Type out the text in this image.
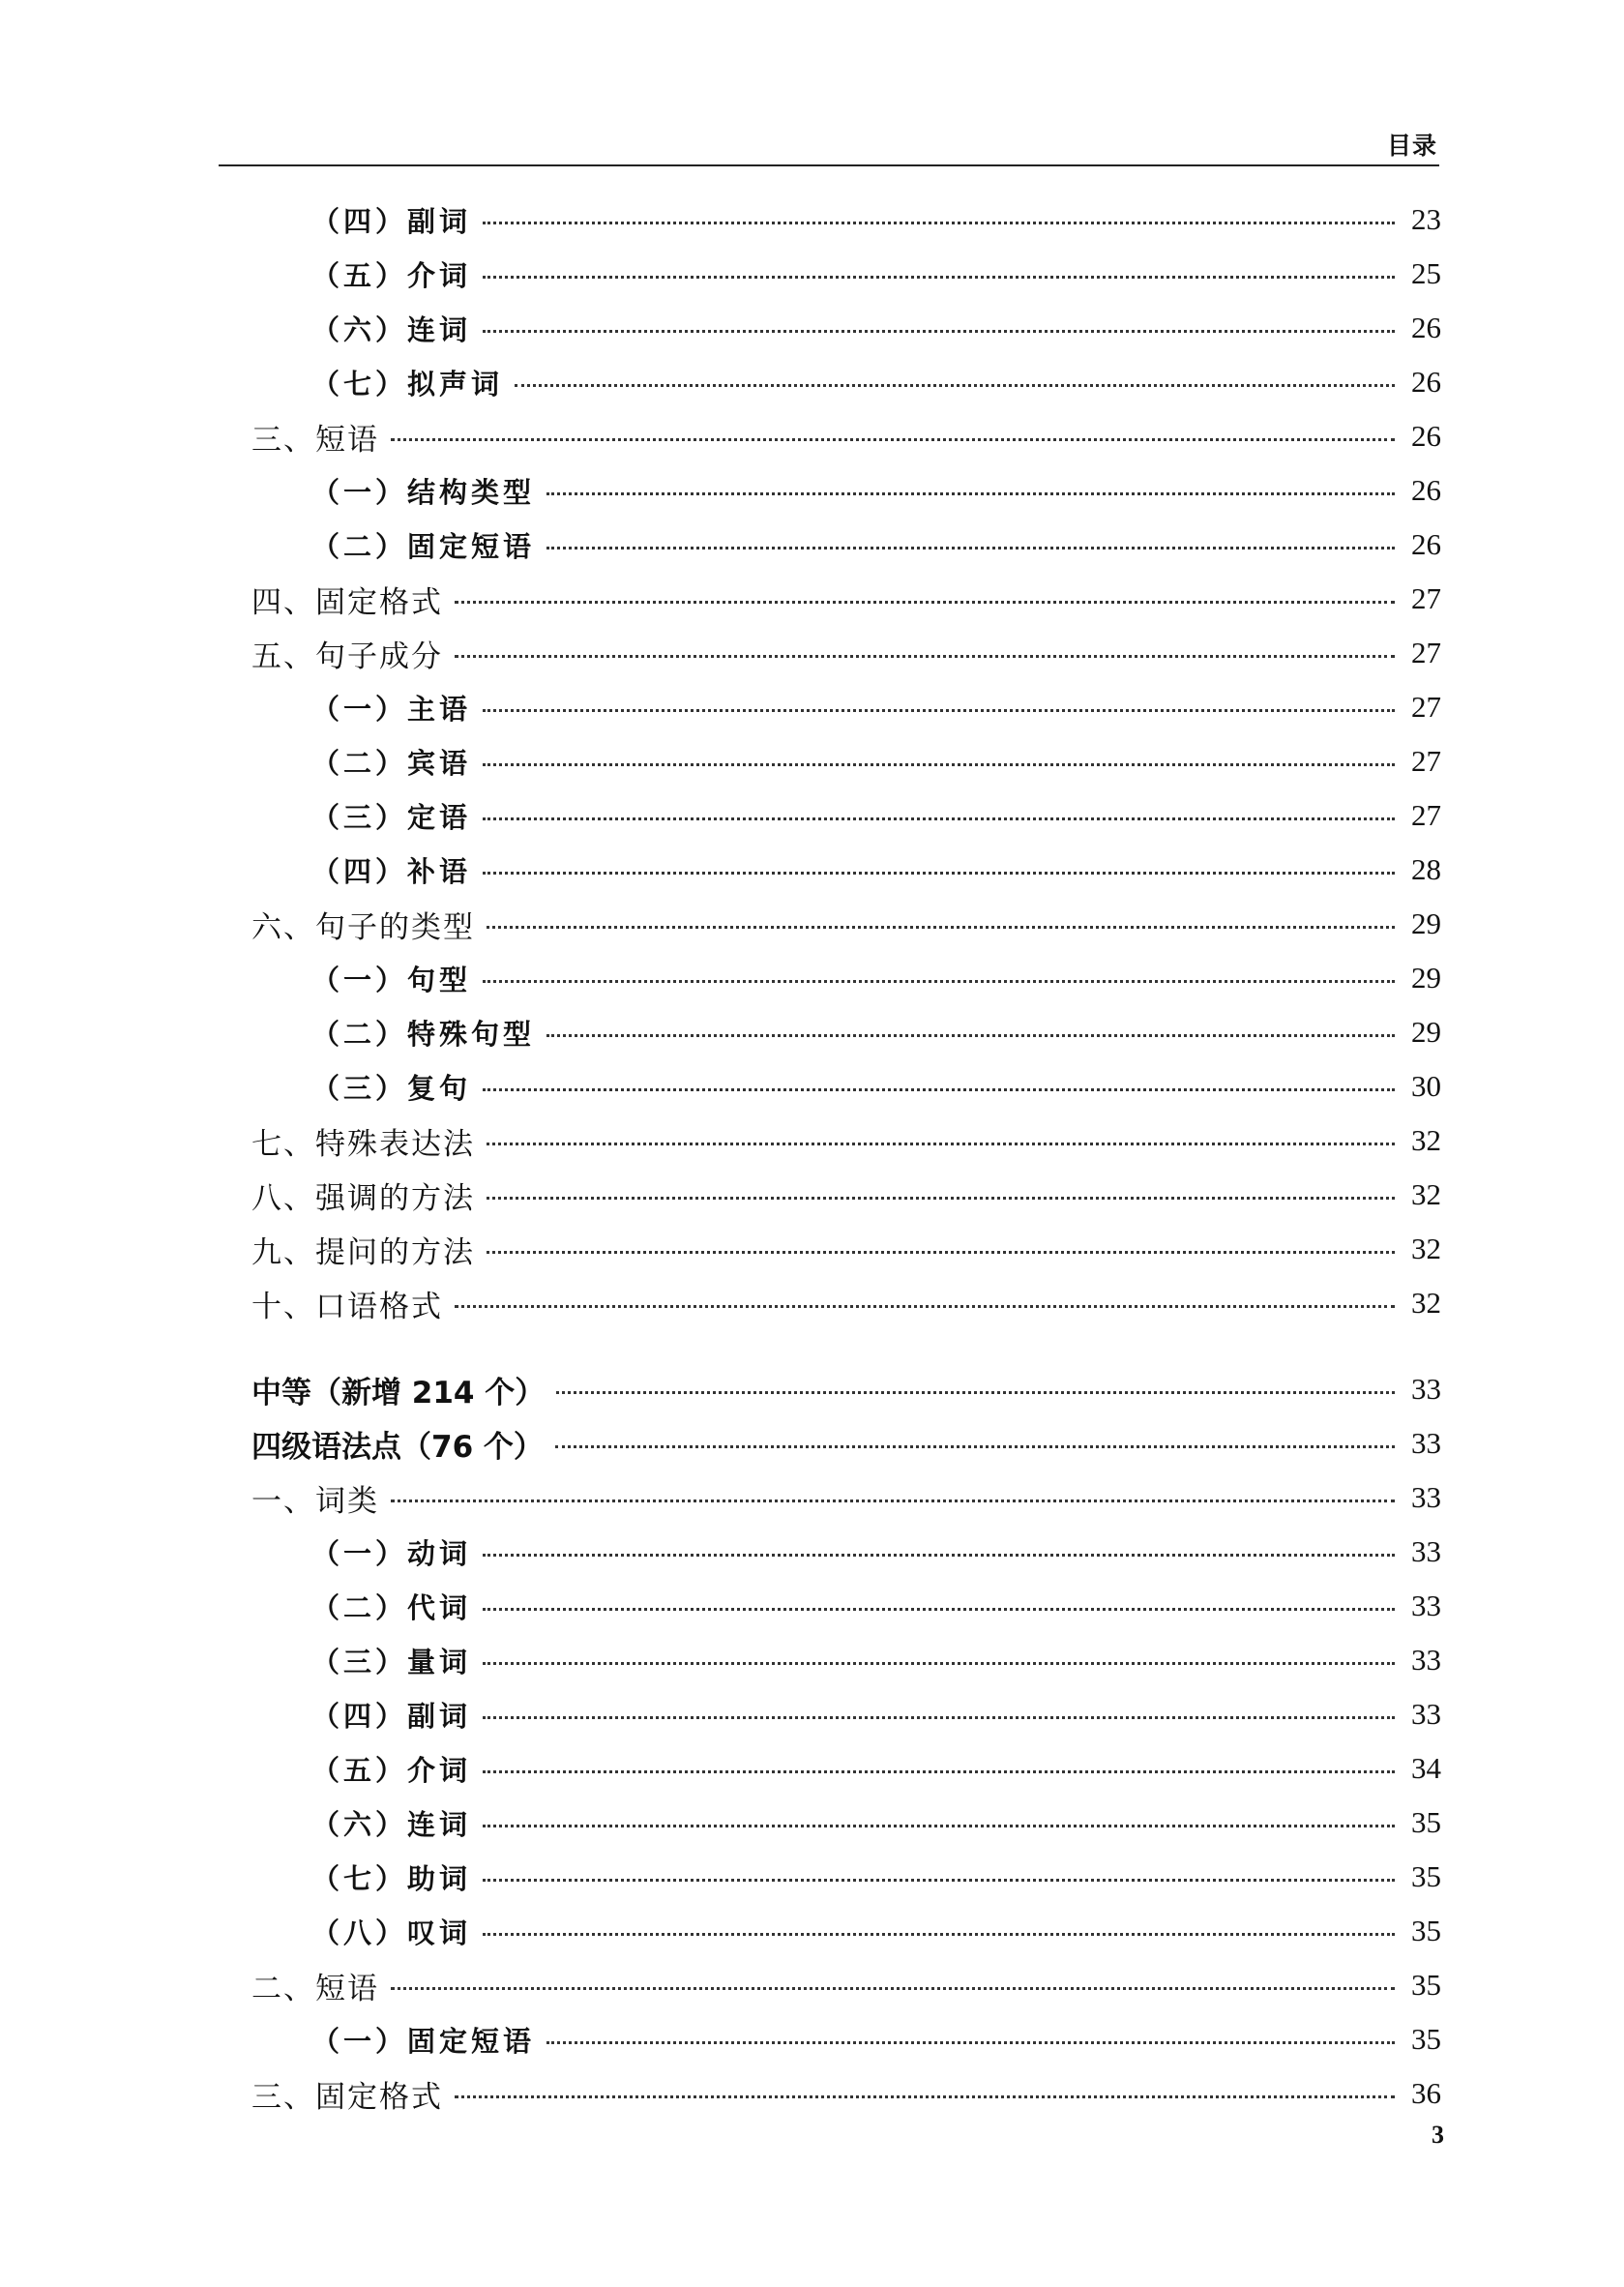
目录
（四）副词	23
（五）介词	25
（六）连词	26
（七）拟声词	26
三、短语	26
（一）结构类型	26
（二）固定短语	26
四、固定格式	27
五、句子成分	27
（一）主语	27
（二）宾语	27
（三）定语	27
（四）补语	28
六、句子的类型	29
（一）句型	29
（二）特殊句型	29
（三）复句	30
七、特殊表达法	32
八、强调的方法	32
九、提问的方法	32
十、口语格式	32
中等（新增 214 个）	33
四级语法点（76 个）	33
一、词类	33
（一）动词	33
（二）代词	33
（三）量词	33
（四）副词	33
（五）介词	34
（六）连词	35
（七）助词	35
（八）叹词	35
二、短语	35
（一）固定短语	35
三、固定格式	36
3
